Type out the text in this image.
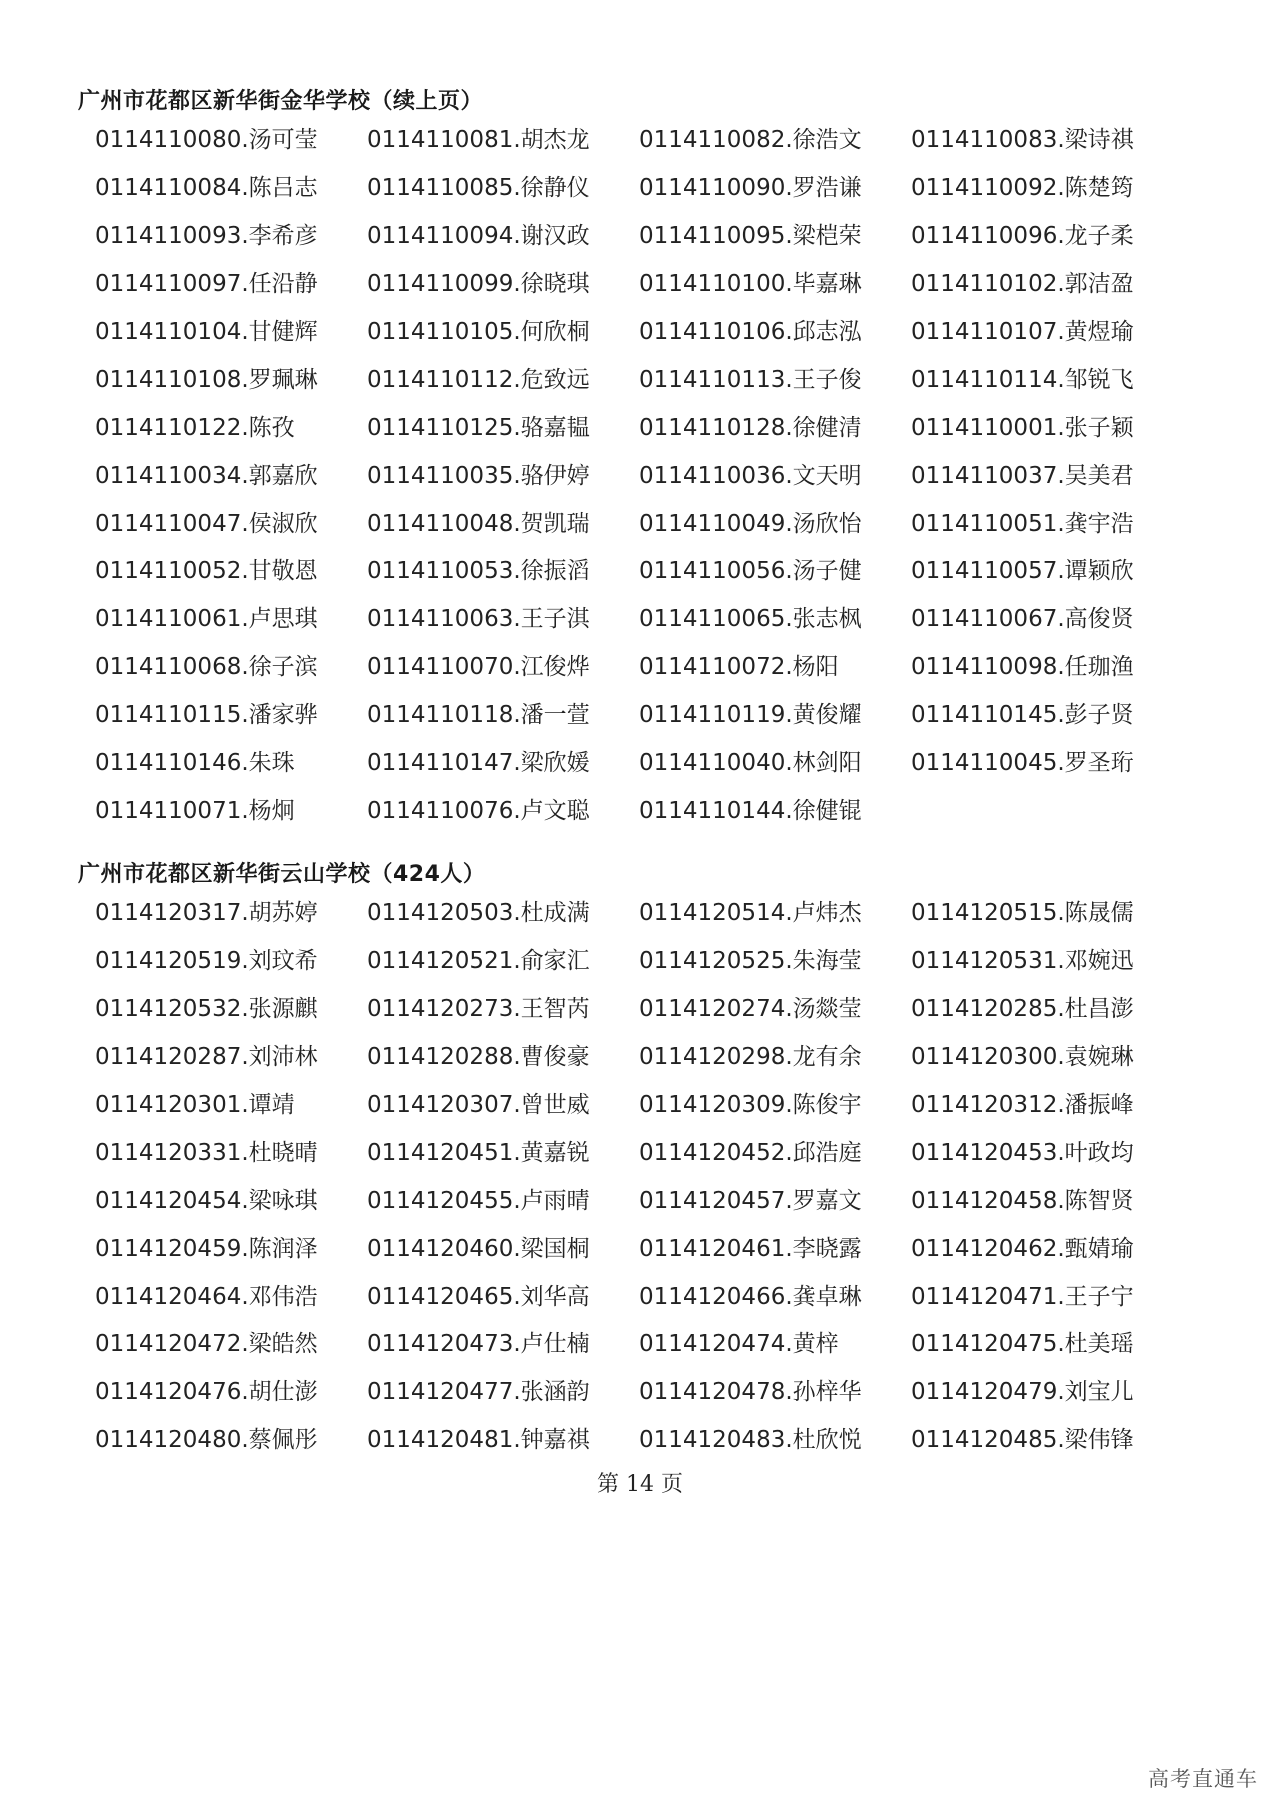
广州市花都区新华街金华学校（续上页）
0114110080.汤可莹	0114110081.胡杰龙	0114110082.徐浩文	0114110083.梁诗祺
0114110084.陈吕志	0114110085.徐静仪	0114110090.罗浩谦	0114110092.陈楚筠
0114110093.李希彦	0114110094.谢汉政	0114110095.梁桤荣	0114110096.龙子柔
0114110097.任沿静	0114110099.徐晓琪	0114110100.毕嘉琳	0114110102.郭洁盈
0114110104.甘健辉	0114110105.何欣桐	0114110106.邱志泓	0114110107.黄煜瑜
0114110108.罗珮琳	0114110112.危致远	0114110113.王子俊	0114110114.邹锐飞
0114110122.陈孜	0114110125.骆嘉韫	0114110128.徐健清	0114110001.张子颖
0114110034.郭嘉欣	0114110035.骆伊婷	0114110036.文天明	0114110037.吴美君
0114110047.侯淑欣	0114110048.贺凯瑞	0114110049.汤欣怡	0114110051.龚宇浩
0114110052.甘敬恩	0114110053.徐振滔	0114110056.汤子健	0114110057.谭颖欣
0114110061.卢思琪	0114110063.王子淇	0114110065.张志枫	0114110067.高俊贤
0114110068.徐子滨	0114110070.江俊烨	0114110072.杨阳	0114110098.任珈渔
0114110115.潘家骅	0114110118.潘一萱	0114110119.黄俊耀	0114110145.彭子贤
0114110146.朱珠	0114110147.梁欣媛	0114110040.林剑阳	0114110045.罗圣珩
0114110071.杨炯	0114110076.卢文聪	0114110144.徐健锟
广州市花都区新华街云山学校（424人）
0114120317.胡苏婷	0114120503.杜成满	0114120514.卢炜杰	0114120515.陈晟儒
0114120519.刘玟希	0114120521.俞家汇	0114120525.朱海莹	0114120531.邓婉迅
0114120532.张源麒	0114120273.王智芮	0114120274.汤燚莹	0114120285.杜昌澎
0114120287.刘沛林	0114120288.曹俊豪	0114120298.龙有余	0114120300.袁婉琳
0114120301.谭靖	0114120307.曾世威	0114120309.陈俊宇	0114120312.潘振峰
0114120331.杜晓晴	0114120451.黄嘉锐	0114120452.邱浩庭	0114120453.叶政均
0114120454.梁咏琪	0114120455.卢雨晴	0114120457.罗嘉文	0114120458.陈智贤
0114120459.陈润泽	0114120460.梁国桐	0114120461.李晓露	0114120462.甄婧瑜
0114120464.邓伟浩	0114120465.刘华高	0114120466.龚卓琳	0114120471.王子宁
0114120472.梁皓然	0114120473.卢仕楠	0114120474.黄梓	0114120475.杜美瑶
0114120476.胡仕澎	0114120477.张涵韵	0114120478.孙梓华	0114120479.刘宝儿
0114120480.蔡佩彤	0114120481.钟嘉祺	0114120483.杜欣悦	0114120485.梁伟锋
第 14 页
高考直通车
